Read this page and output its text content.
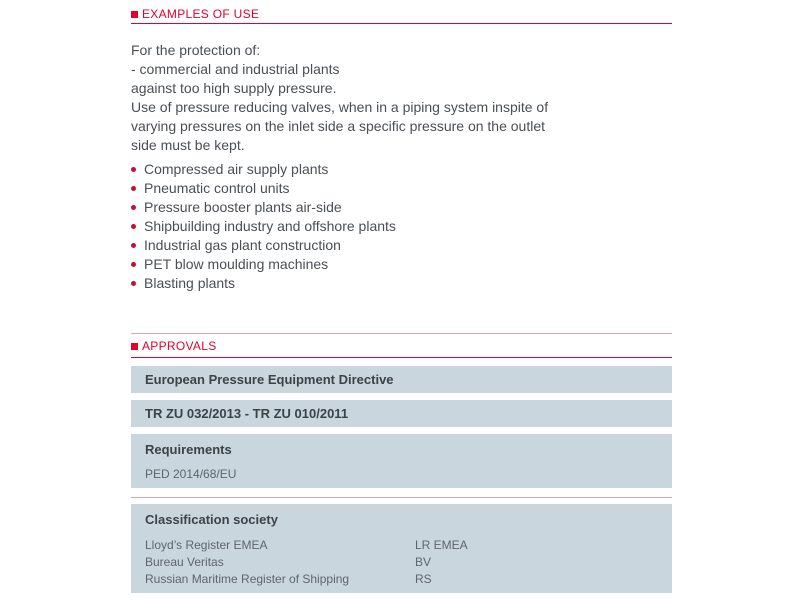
EXAMPLES OF USE
For the protection of:
- commercial and industrial plants
against too high supply pressure.
Use of pressure reducing valves, when in a piping system inspite of
varying pressures on the inlet side a specific pressure on the outlet
side must be kept.
Compressed air supply plants
Pneumatic control units
Pressure booster plants air-side
Shipbuilding industry and offshore plants
Industrial gas plant construction
PET blow moulding machines
Blasting plants
APPROVALS
European Pressure Equipment Directive
TR ZU 032/2013 - TR ZU 010/2011
Requirements
PED 2014/68/EU
Classification society
Lloyd’s Register EMEA	LR EMEA
Bureau Veritas	BV
Russian Maritime Register of Shipping	RS
